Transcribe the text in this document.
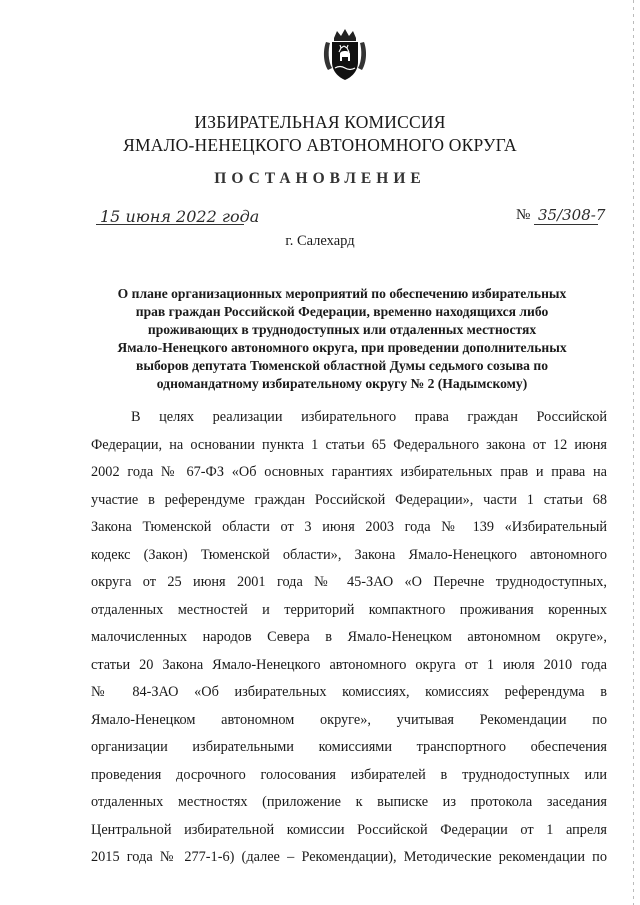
ИЗБИРАТЕЛЬНАЯ КОМИССИЯ
ЯМАЛО-НЕНЕЦКОГО АВТОНОМНОГО ОКРУГА
ПОСТАНОВЛЕНИЕ
15 июня 2022 года	№ 35/308-7
г. Салехард
О плане организационных мероприятий по обеспечению избирательных
прав граждан Российской Федерации, временно находящихся либо
проживающих в труднодоступных или отдаленных местностях
Ямало-Ненецкого автономного округа, при проведении дополнительных
выборов депутата Тюменской областной Думы седьмого созыва по
одномандатному избирательному округу № 2 (Надымскому)
В целях реализации избирательного права граждан Российской
Федерации, на основании пункта 1 статьи 65 Федерального закона от 12 июня
2002 года № 67-ФЗ «Об основных гарантиях избирательных прав и права на
участие в референдуме граждан Российской Федерации», части 1 статьи 68
Закона Тюменской области от 3 июня 2003 года № 139 «Избирательный
кодекс (Закон) Тюменской области», Закона Ямало-Ненецкого автономного
округа от 25 июня 2001 года № 45-ЗАО «О Перечне труднодоступных,
отдаленных местностей и территорий компактного проживания коренных
малочисленных народов Севера в Ямало-Ненецком автономном округе»,
статьи 20 Закона Ямало-Ненецкого автономного округа от 1 июля 2010 года
№ 84-ЗАО «Об избирательных комиссиях, комиссиях референдума в
Ямало-Ненецком автономном округе», учитывая Рекомендации по
организации избирательными комиссиями транспортного обеспечения
проведения досрочного голосования избирателей в труднодоступных или
отдаленных местностях (приложение к выписке из протокола заседания
Центральной избирательной комиссии Российской Федерации от 1 апреля
2015 года № 277-1-6) (далее – Рекомендации), Методические рекомендации по
